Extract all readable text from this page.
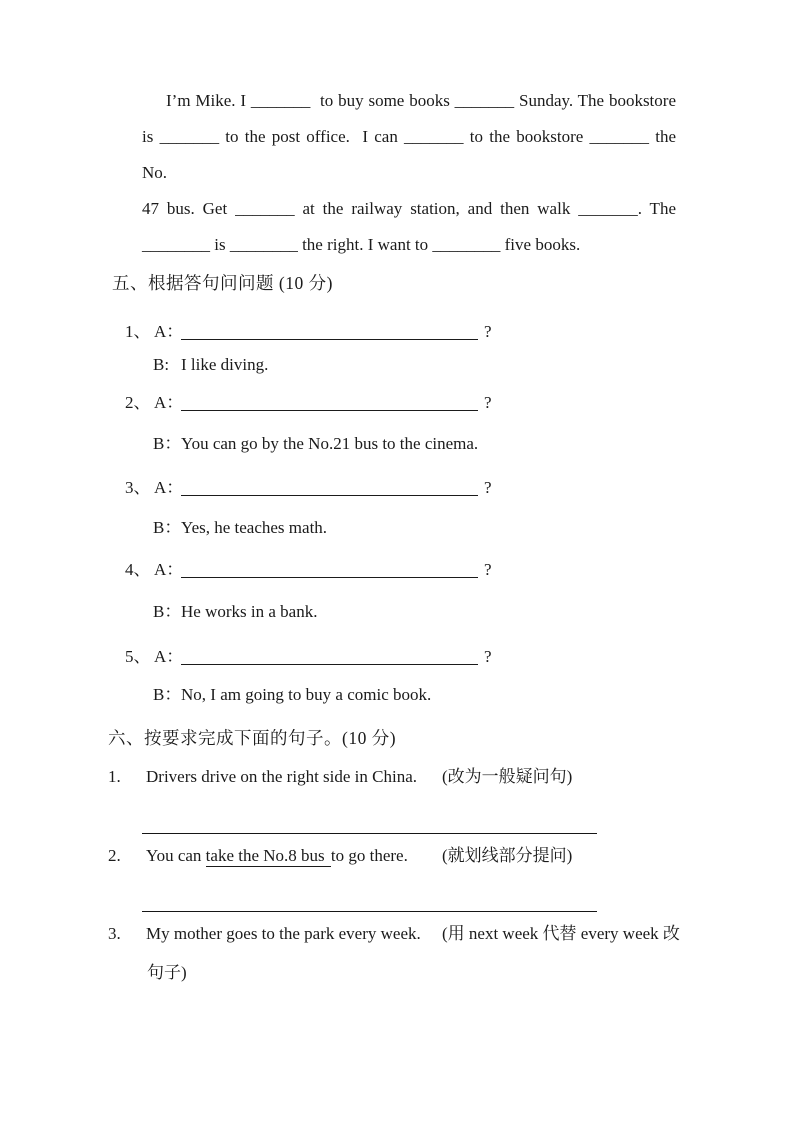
I’m Mike. I _______  to buy some books _______ Sunday. The bookstore
is _______ to the post office.  I can _______ to the bookstore _______ the No.
47 bus. Get _______ at the railway station, and then walk _______. The
________ is ________ the right. I want to ________ five books.
五、根据答句问问题 (10 分)
1、 A：	?
B: I like diving.
2、 A：	?
B：You can go by the No.21 bus to the cinema.
3、 A：	?
B：Yes, he teaches math.
4、 A：	?
B：He works in a bank.
5、 A：	?
B：No, I am going to buy a comic book.
六、按要求完成下面的句子。(10 分)
1. Drivers drive on the right side in China. (改为一般疑问句)
2. You can take the No.8 bus to go there. (就划线部分提问)
3. My mother goes to the park every week. (用 next week 代替 every week 改
句子)
